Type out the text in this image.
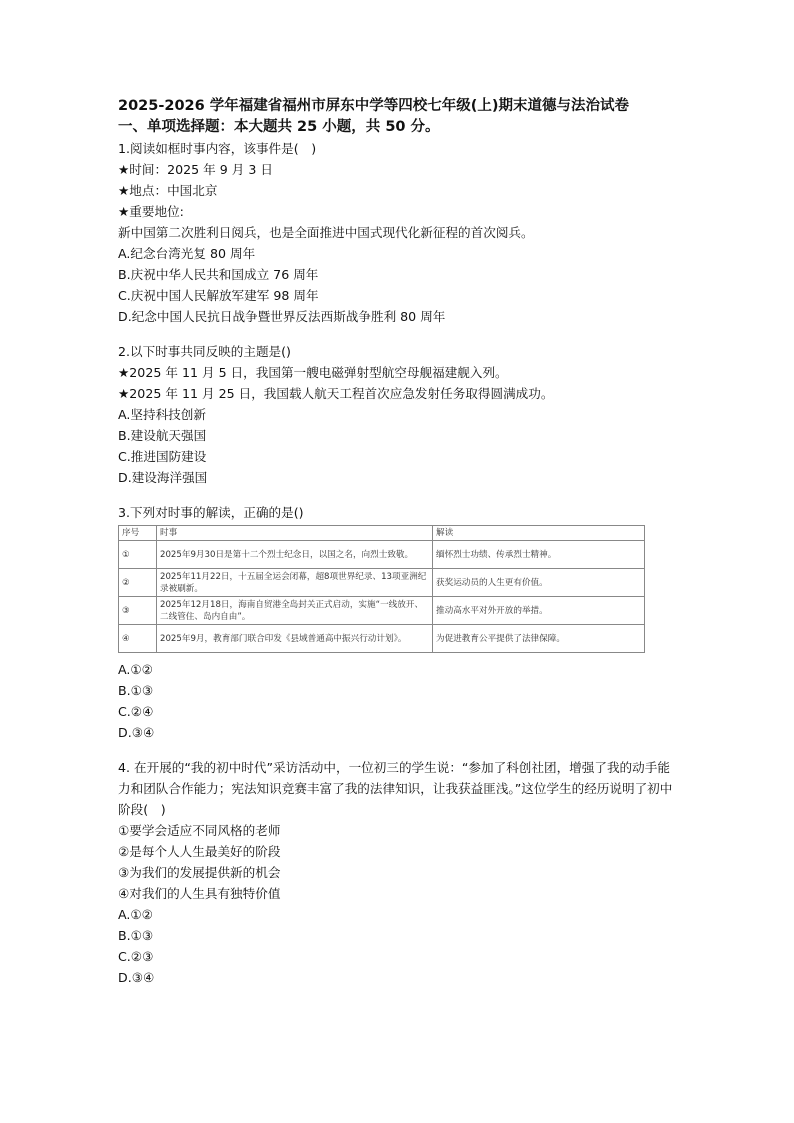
2025-2026 学年福建省福州市屏东中学等四校七年级(上)期末道德与法治试卷
一、单项选择题：本大题共 25 小题，共 50 分。
1.阅读如框时事内容，该事件是(　)
★时间：2025 年 9 月 3 日
★地点：中国北京
★重要地位:
新中国第二次胜利日阅兵，也是全面推进中国式现代化新征程的首次阅兵。
A.纪念台湾光复 80 周年
B.庆祝中华人民共和国成立 76 周年
C.庆祝中国人民解放军建军 98 周年
D.纪念中国人民抗日战争暨世界反法西斯战争胜利 80 周年
2.以下时事共同反映的主题是()
★2025 年 11 月 5 日，我国第一艘电磁弹射型航空母舰福建舰入列。
★2025 年 11 月 25 日，我国载人航天工程首次应急发射任务取得圆满成功。
A.坚持科技创新
B.建设航天强国
C.推进国防建设
D.建设海洋强国
3.下列对时事的解读，正确的是()
序号	时事	解读
①	2025年9月30日是第十二个烈士纪念日，以国之名，向烈士致敬。	缅怀烈士功绩、传承烈士精神。
②	2025年11月22日，十五届全运会闭幕，超8项世界纪录、13项亚洲纪录被刷新。	获奖运动员的人生更有价值。
③	2025年12月18日，海南自贸港全岛封关正式启动，实施“一线放开、二线管住、岛内自由”。	推动高水平对外开放的举措。
④	2025年9月，教育部门联合印发《县域普通高中振兴行动计划》。	为促进教育公平提供了法律保障。
A.①②
B.①③
C.②④
D.③④
4. 在开展的“我的初中时代”采访活动中，一位初三的学生说：“参加了科创社团，增强了我的动手能力和团队合作能力；宪法知识竞赛丰富了我的法律知识，让我获益匪浅。”这位学生的经历说明了初中阶段(　)
①要学会适应不同风格的老师
②是每个人人生最美好的阶段
③为我们的发展提供新的机会
④对我们的人生具有独特价值
A.①②
B.①③
C.②③
D.③④
